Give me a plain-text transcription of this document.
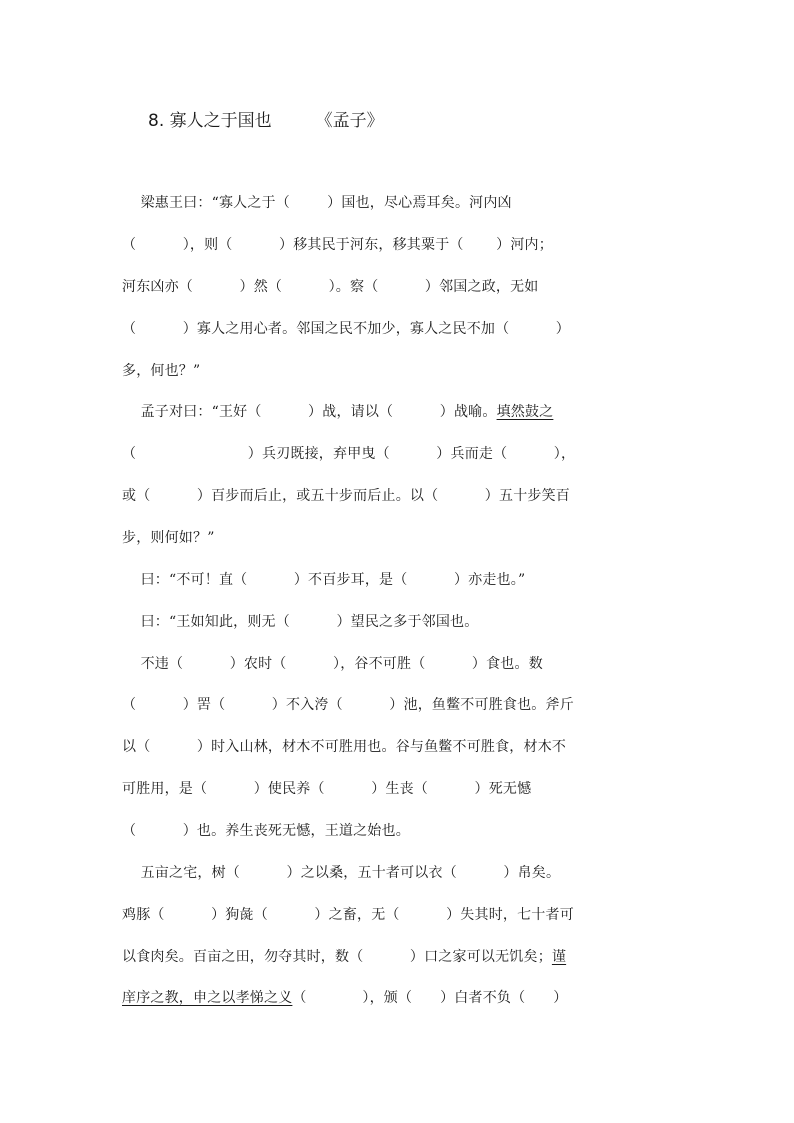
8. 寡人之于国也	《孟子》
梁惠王曰：“寡人之于（        ）国也，尽心焉耳矣。河内凶
（          ），则（          ）移其民于河东，移其粟于（       ）河内；
河东凶亦（          ）然（          ）。察（          ）邻国之政，无如
（          ）寡人之用心者。邻国之民不加少，寡人之民不加（          ）
多，何也？”
孟子对曰：“王好（          ）战，请以（          ）战喻。填然鼓之
（                        ）兵刃既接，弃甲曳（          ）兵而走（          ），
或（          ）百步而后止，或五十步而后止。以（          ）五十步笑百
步，则何如？”
曰：“不可！直（          ）不百步耳，是（          ）亦走也。”
曰：“王如知此，则无（          ）望民之多于邻国也。
不违（          ）农时（          ），谷不可胜（          ）食也。数
（          ）罟（          ）不入洿（          ）池，鱼鳖不可胜食也。斧斤
以（          ）时入山林，材木不可胜用也。谷与鱼鳖不可胜食，材木不
可胜用，是（          ）使民养（          ）生丧（          ）死无憾
（          ）也。养生丧死无憾，王道之始也。
五亩之宅，树（          ）之以桑，五十者可以衣（          ）帛矣。
鸡豚（          ）狗彘（          ）之畜，无（          ）失其时，七十者可
以食肉矣。百亩之田，勿夺其时，数（          ）口之家可以无饥矣；谨
庠序之教，申之以孝悌之义（            ），颁（      ）白者不负（      ）
